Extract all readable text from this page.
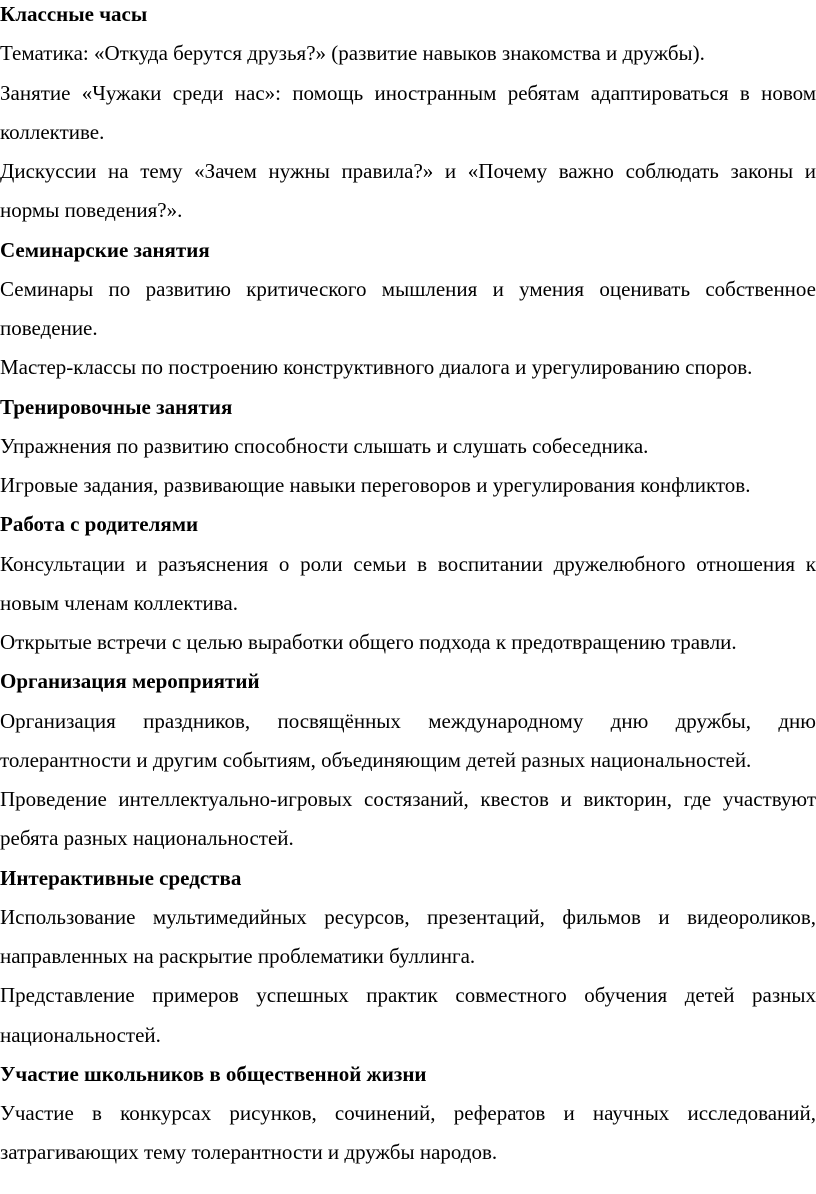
Классные часы

Тематика: «Откуда берутся друзья?» (развитие навыков знакомства и дружбы).

Занятие «Чужаки среди нас»: помощь иностранным ребятам адаптироваться в новом

коллективе.

Дискуссии на тему «Зачем нужны правила?» и «Почему важно соблюдать законы и

нормы поведения?».

Семинарские занятия

Семинары по развитию критического мышления и умения оценивать собственное

поведение.

Мастер-классы по построению конструктивного диалога и урегулированию споров.

Тренировочные занятия

Упражнения по развитию способности слышать и слушать собеседника.

Игровые задания, развивающие навыки переговоров и урегулирования конфликтов.

Работа с родителями

Консультации и разъяснения о роли семьи в воспитании дружелюбного отношения к

новым членам коллектива.

Открытые встречи с целью выработки общего подхода к предотвращению травли.

Организация мероприятий

Организация праздников, посвящённых международному дню дружбы, дню

толерантности и другим событиям, объединяющим детей разных национальностей.

Проведение интеллектуально-игровых состязаний, квестов и викторин, где участвуют

ребята разных национальностей.

Интерактивные средства

Использование мультимедийных ресурсов, презентаций, фильмов и видеороликов,

направленных на раскрытие проблематики буллинга.

Представление примеров успешных практик совместного обучения детей разных

национальностей.

Участие школьников в общественной жизни

Участие в конкурсах рисунков, сочинений, рефератов и научных исследований,

затрагивающих тему толерантности и дружбы народов.
